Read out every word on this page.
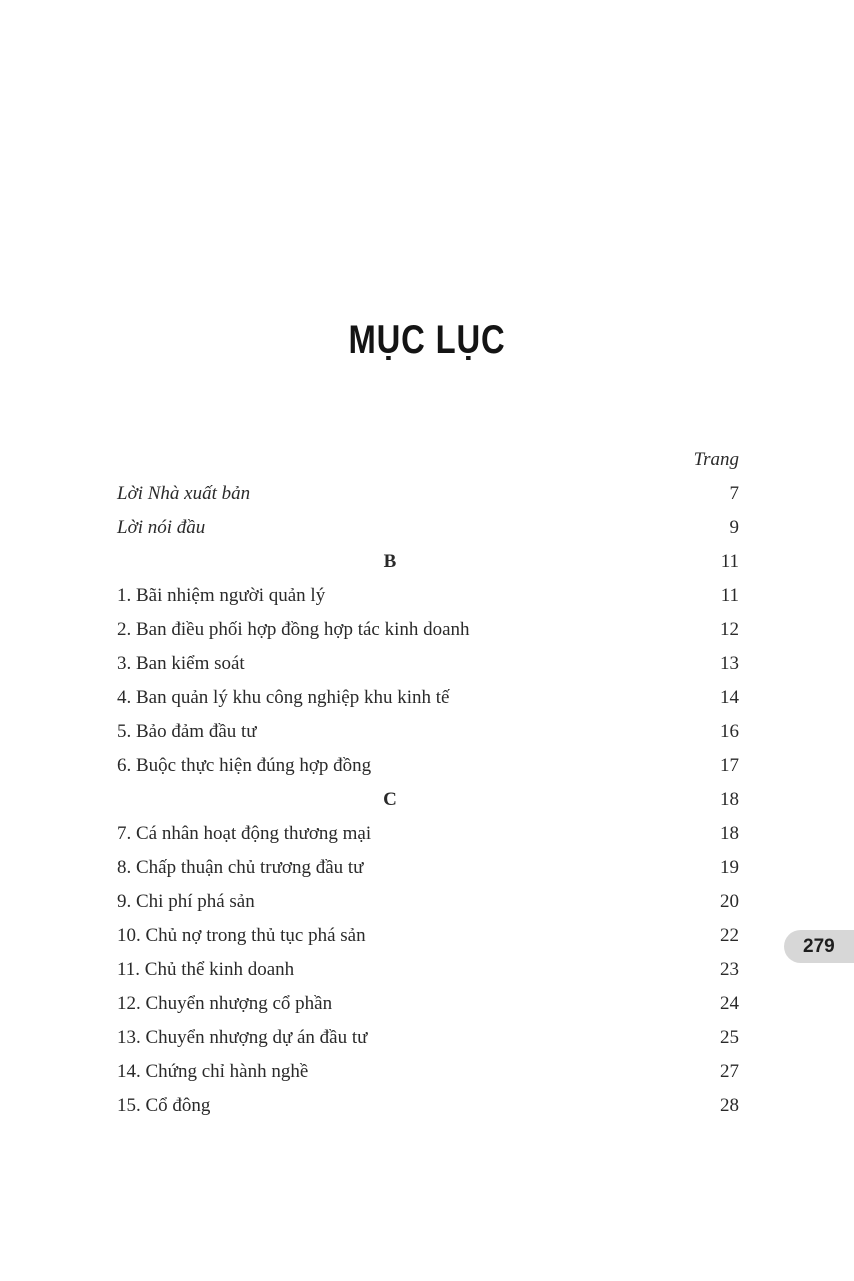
MỤC LỤC
Trang
Lời Nhà xuất bản	7
Lời nói đầu	9
B	11
1. Bãi nhiệm người quản lý	11
2. Ban điều phối hợp đồng hợp tác kinh doanh	12
3. Ban kiểm soát	13
4. Ban quản lý khu công nghiệp khu kinh tế	14
5. Bảo đảm đầu tư	16
6. Buộc thực hiện đúng hợp đồng	17
C	18
7. Cá nhân hoạt động thương mại	18
8. Chấp thuận chủ trương đầu tư	19
9. Chi phí phá sản	20
10. Chủ nợ trong thủ tục phá sản	22
11. Chủ thể kinh doanh	23
12. Chuyển nhượng cổ phần	24
13. Chuyển nhượng dự án đầu tư	25
14. Chứng chỉ hành nghề	27
15. Cổ đông	28
279
